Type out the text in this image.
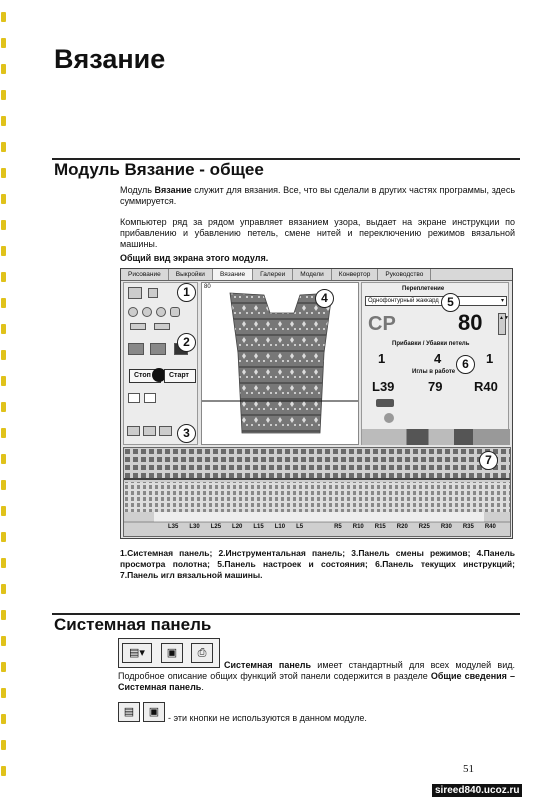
Вязание
Модуль Вязание - общее
Модуль Вязание служит для вязания. Все, что вы сделали в других частях программы, здесь суммируется.
Компьютер ряд за рядом управляет вязанием узора, выдает на экране инструкции по прибавлению и убавлению петель, смене нитей и переключению режимов вязальной машины.
Общий вид экрана этого модуля.
Рисование	Выкройки	Вязание	Галереи	Модели	Конвертор	Руководство
Стоп	Старт
1
2
3
80
4
Переплетение
Однофонтурный жаккард	▾
CP	80	▲▼
Прибавки / Убавки петель
1	4	1
Иглы в работе
L39	79 R40
5
6
L35 L30 L25 L20 L15 L10 L5	R5 R10 R15 R20 R25 R30 R35 R40
7
1.Системная панель; 2.Инструментальная панель; 3.Панель смены режимов; 4.Панель просмотра полотна; 5.Панель настроек и состояния; 6.Панель текущих инструкций; 7.Панель игл вязальной машины.
Системная панель
▤▾	▣	⎙
Системная панель имеет стандартный для всех модулей вид. Подробное описание общих функций этой панели содержится в разделе Общие сведения – Системная панель.
▤	▣ - эти кнопки не используются в данном модуле.
51
sireed840.ucoz.ru
